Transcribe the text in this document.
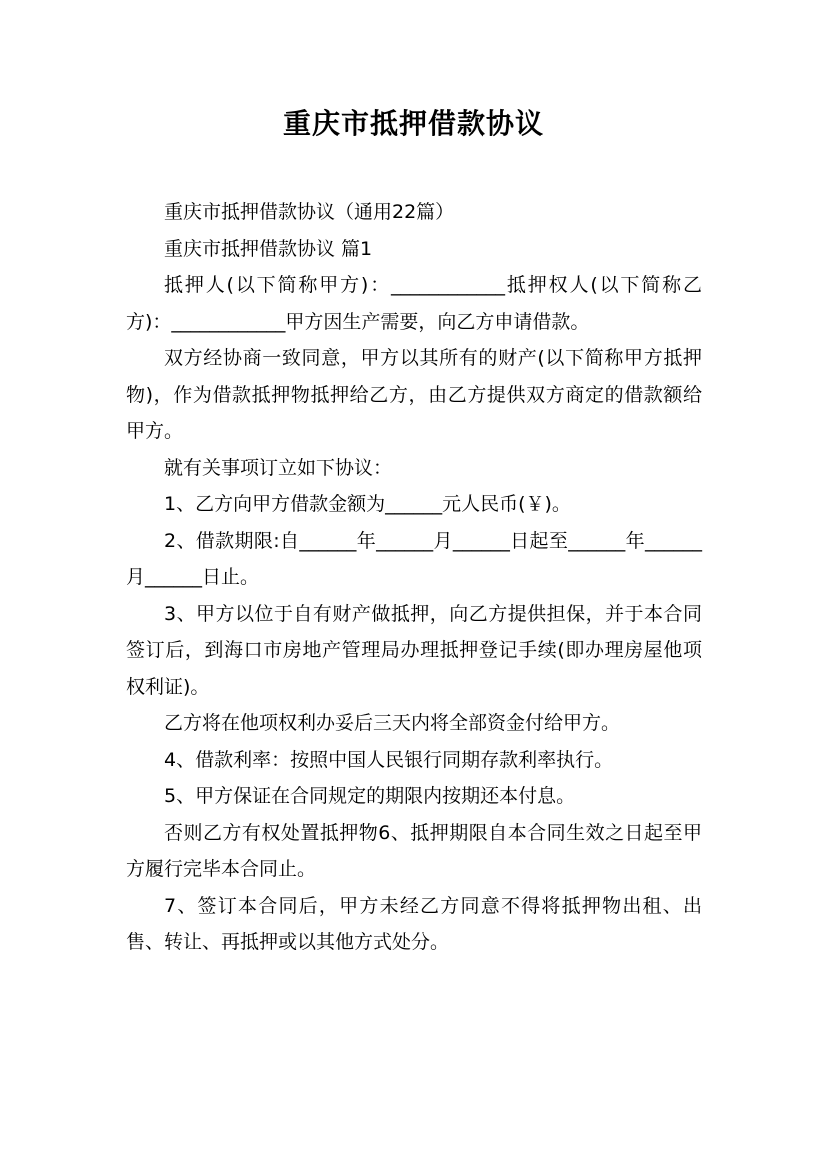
重庆市抵押借款协议

重庆市抵押借款协议（通用22篇）

重庆市抵押借款协议 篇1

抵押人(以下简称甲方)：____________抵押权人(以下简称乙方)：____________甲方因生产需要，向乙方申请借款。

双方经协商一致同意，甲方以其所有的财产(以下简称甲方抵押物)，作为借款抵押物抵押给乙方，由乙方提供双方商定的借款额给甲方。

就有关事项订立如下协议：

1、乙方向甲方借款金额为______元人民币(￥)。

2、借款期限:自______年______月______日起至______年______月______日止。

3、甲方以位于自有财产做抵押，向乙方提供担保，并于本合同签订后，到海口市房地产管理局办理抵押登记手续(即办理房屋他项权利证)。

乙方将在他项权利办妥后三天内将全部资金付给甲方。

4、借款利率：按照中国人民银行同期存款利率执行。

5、甲方保证在合同规定的期限内按期还本付息。

否则乙方有权处置抵押物6、抵押期限自本合同生效之日起至甲方履行完毕本合同止。

7、签订本合同后，甲方未经乙方同意不得将抵押物出租、出售、转让、再抵押或以其他方式处分。
